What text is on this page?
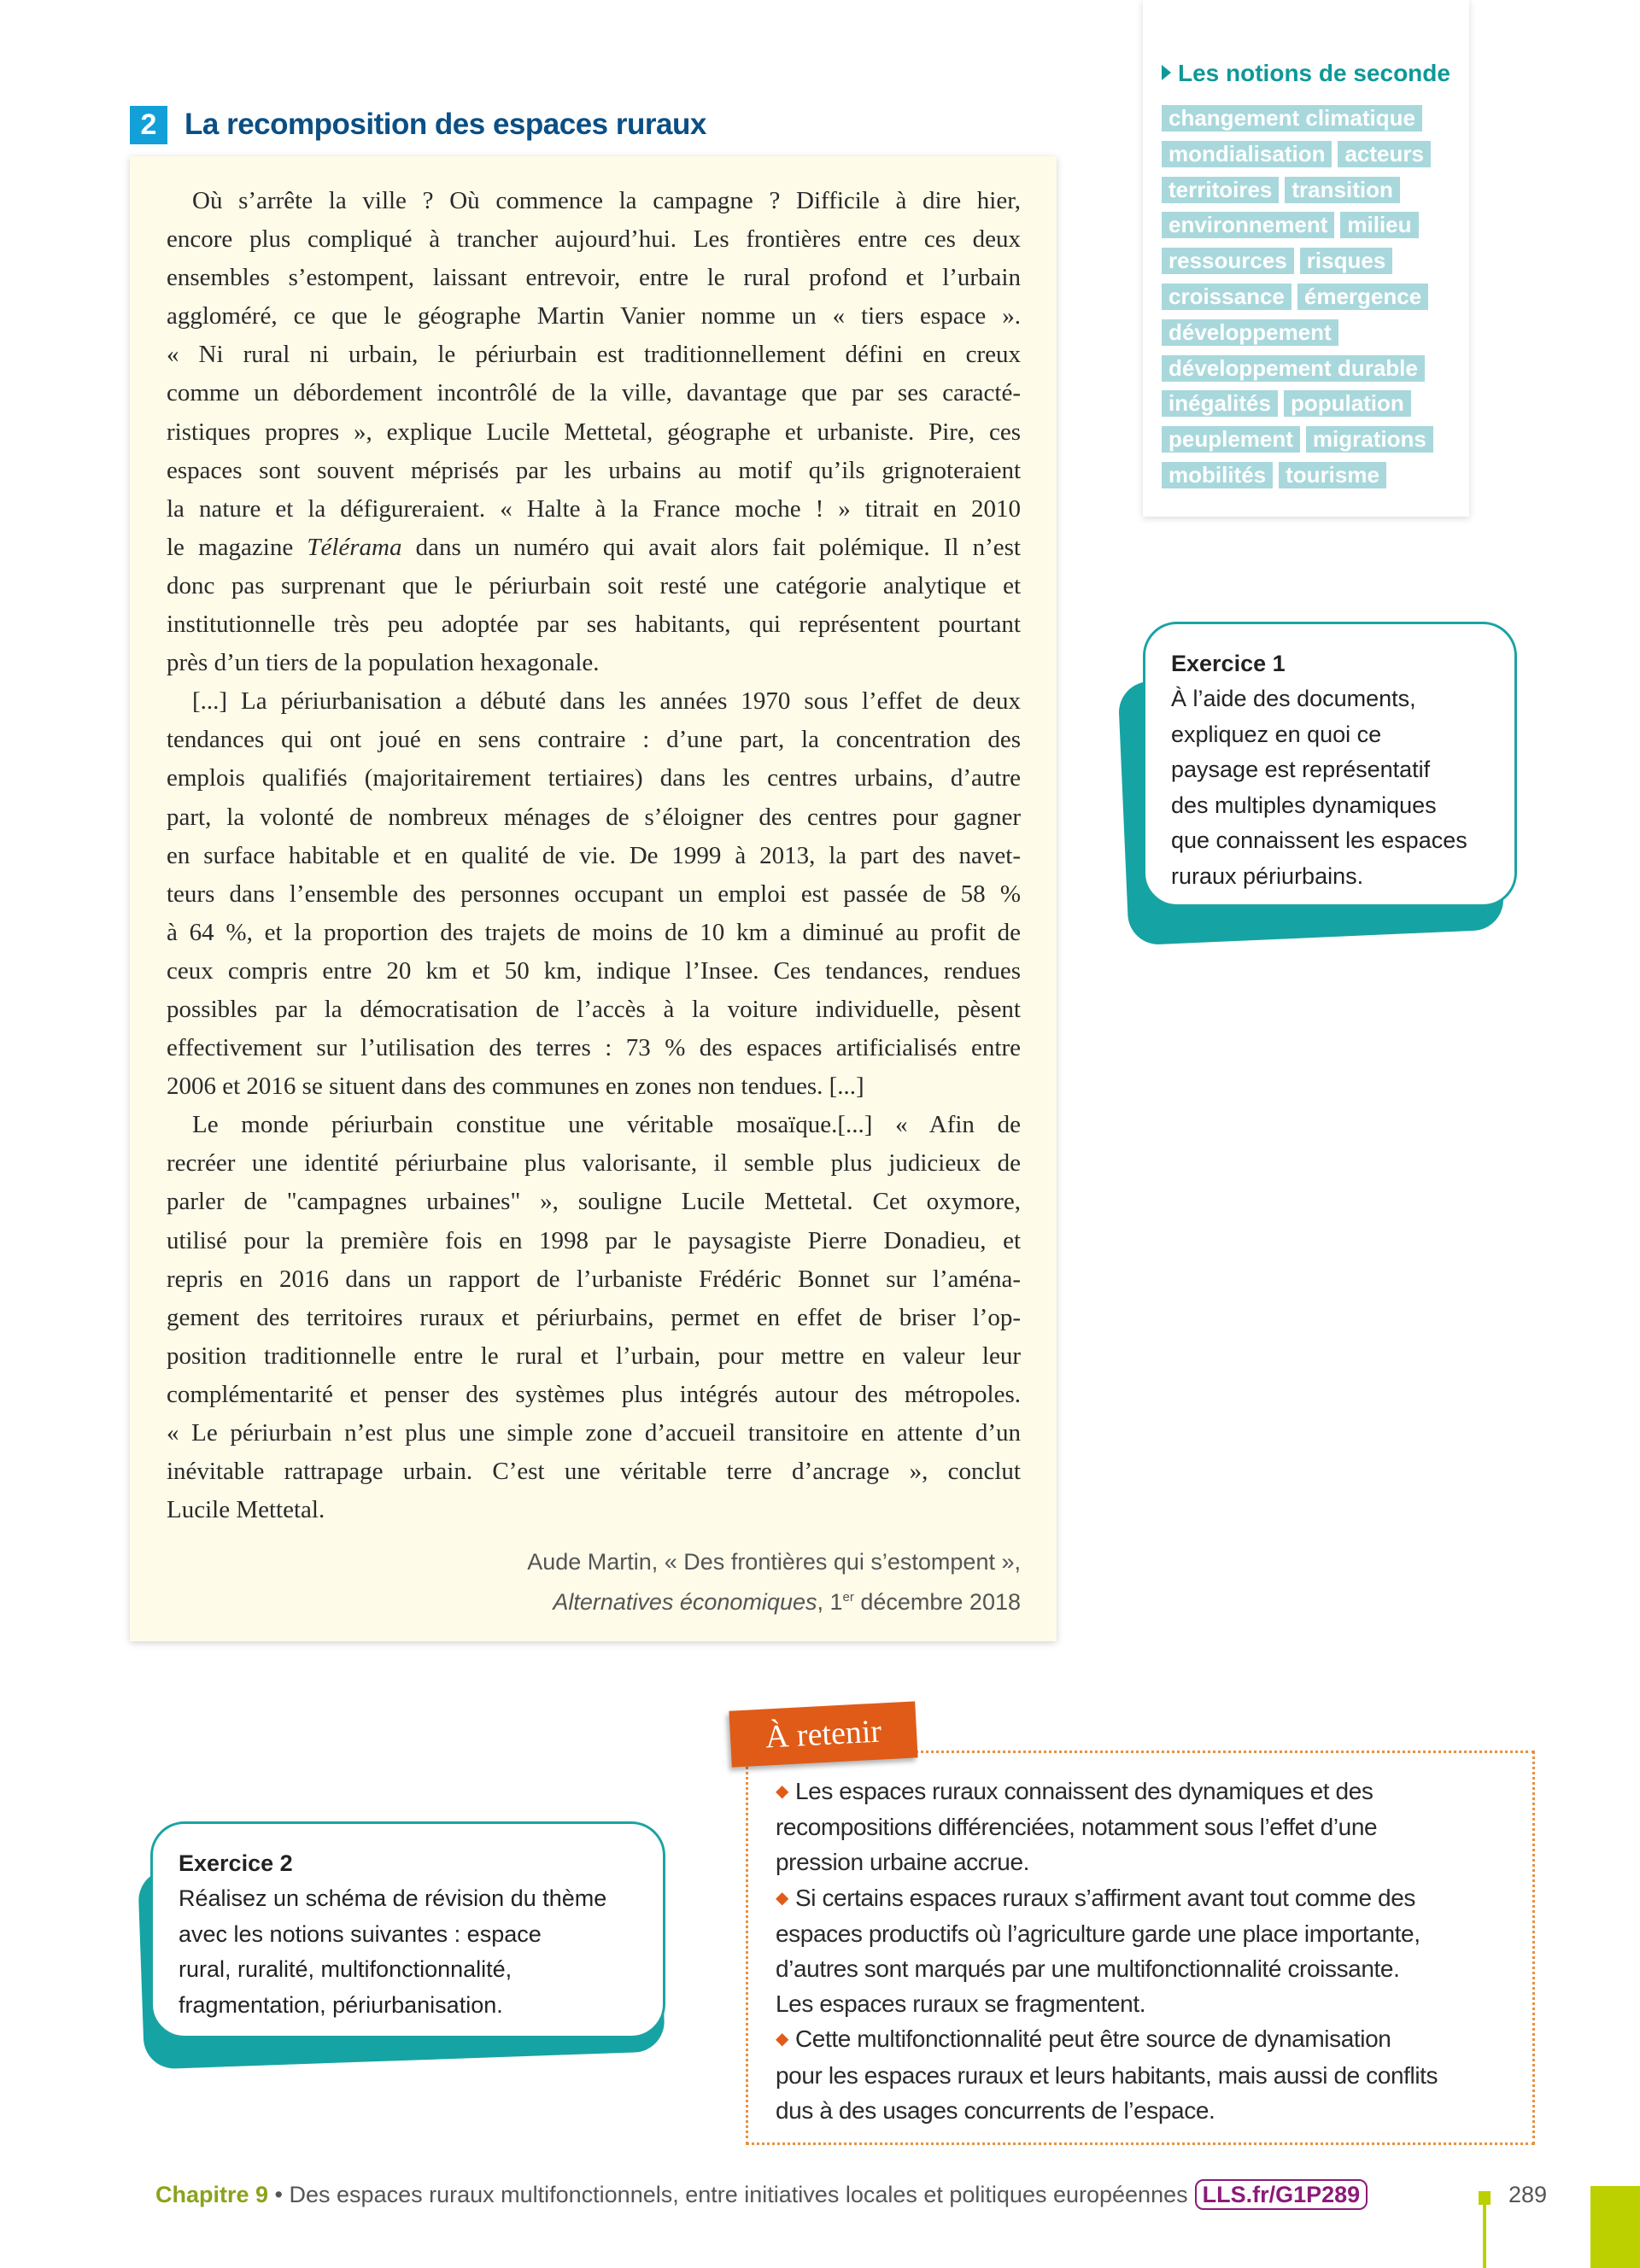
2 La recomposition des espaces ruraux
Où s’arrête la ville ? Où commence la campagne ? Difficile à dire hier,
encore plus compliqué à trancher aujourd’hui. Les frontières entre ces deux
ensembles s’estompent, laissant entrevoir, entre le rural profond et l’urbain
aggloméré, ce que le géographe Martin Vanier nomme un « tiers espace ».
« Ni rural ni urbain, le périurbain est traditionnellement défini en creux
comme un débordement incontrôlé de la ville, davantage que par ses caracté-
ristiques propres », explique Lucile Mettetal, géographe et urbaniste. Pire, ces
espaces sont souvent méprisés par les urbains au motif qu’ils grignoteraient
la nature et la défigureraient. « Halte à la France moche ! » titrait en 2010
le magazine Télérama dans un numéro qui avait alors fait polémique. Il n’est
donc pas surprenant que le périurbain soit resté une catégorie analytique et
institutionnelle très peu adoptée par ses habitants, qui représentent pourtant
près d’un tiers de la population hexagonale.
[...] La périurbanisation a débuté dans les années 1970 sous l’effet de deux
tendances qui ont joué en sens contraire : d’une part, la concentration des
emplois qualifiés (majoritairement tertiaires) dans les centres urbains, d’autre
part, la volonté de nombreux ménages de s’éloigner des centres pour gagner
en surface habitable et en qualité de vie. De 1999 à 2013, la part des navet-
teurs dans l’ensemble des personnes occupant un emploi est passée de 58 %
à 64 %, et la proportion des trajets de moins de 10 km a diminué au profit de
ceux compris entre 20 km et 50 km, indique l’Insee. Ces tendances, rendues
possibles par la démocratisation de l’accès à la voiture individuelle, pèsent
effectivement sur l’utilisation des terres : 73 % des espaces artificialisés entre
2006 et 2016 se situent dans des communes en zones non tendues. [...]
Le monde périurbain constitue une véritable mosaïque.[...] « Afin de
recréer une identité périurbaine plus valorisante, il semble plus judicieux de
parler de "campagnes urbaines" », souligne Lucile Mettetal. Cet oxymore,
utilisé pour la première fois en 1998 par le paysagiste Pierre Donadieu, et
repris en 2016 dans un rapport de l’urbaniste Frédéric Bonnet sur l’aména-
gement des territoires ruraux et périurbains, permet en effet de briser l’op-
position traditionnelle entre le rural et l’urbain, pour mettre en valeur leur
complémentarité et penser des systèmes plus intégrés autour des métropoles.
« Le périurbain n’est plus une simple zone d’accueil transitoire en attente d’un
inévitable rattrapage urbain. C’est une véritable terre d’ancrage », conclut
Lucile Mettetal.
Aude Martin, « Des frontières qui s’estompent »,
Alternatives économiques, 1er décembre 2018
Les notions de seconde
changement climatique
mondialisation acteurs
territoires transition
environnement milieu
ressources risques
croissance émergence
développement
développement durable
inégalités population
peuplement migrations
mobilités tourisme
Exercice 1
À l’aide des documents,
expliquez en quoi ce
paysage est représentatif
des multiples dynamiques
que connaissent les espaces
ruraux périurbains.
Exercice 2
Réalisez un schéma de révision du thème
avec les notions suivantes : espace
rural, ruralité, multifonctionnalité,
fragmentation, périurbanisation.
À retenir
◆ Les espaces ruraux connaissent des dynamiques et des
recompositions différenciées, notamment sous l’effet d’une
pression urbaine accrue.
◆ Si certains espaces ruraux s’affirment avant tout comme des
espaces productifs où l’agriculture garde une place importante,
d’autres sont marqués par une multifonctionnalité croissante.
Les espaces ruraux se fragmentent.
◆ Cette multifonctionnalité peut être source de dynamisation
pour les espaces ruraux et leurs habitants, mais aussi de conflits
dus à des usages concurrents de l’espace.
Chapitre 9 • Des espaces ruraux multifonctionnels, entre initiatives locales et politiques européennes LLS.fr/G1P289	289
